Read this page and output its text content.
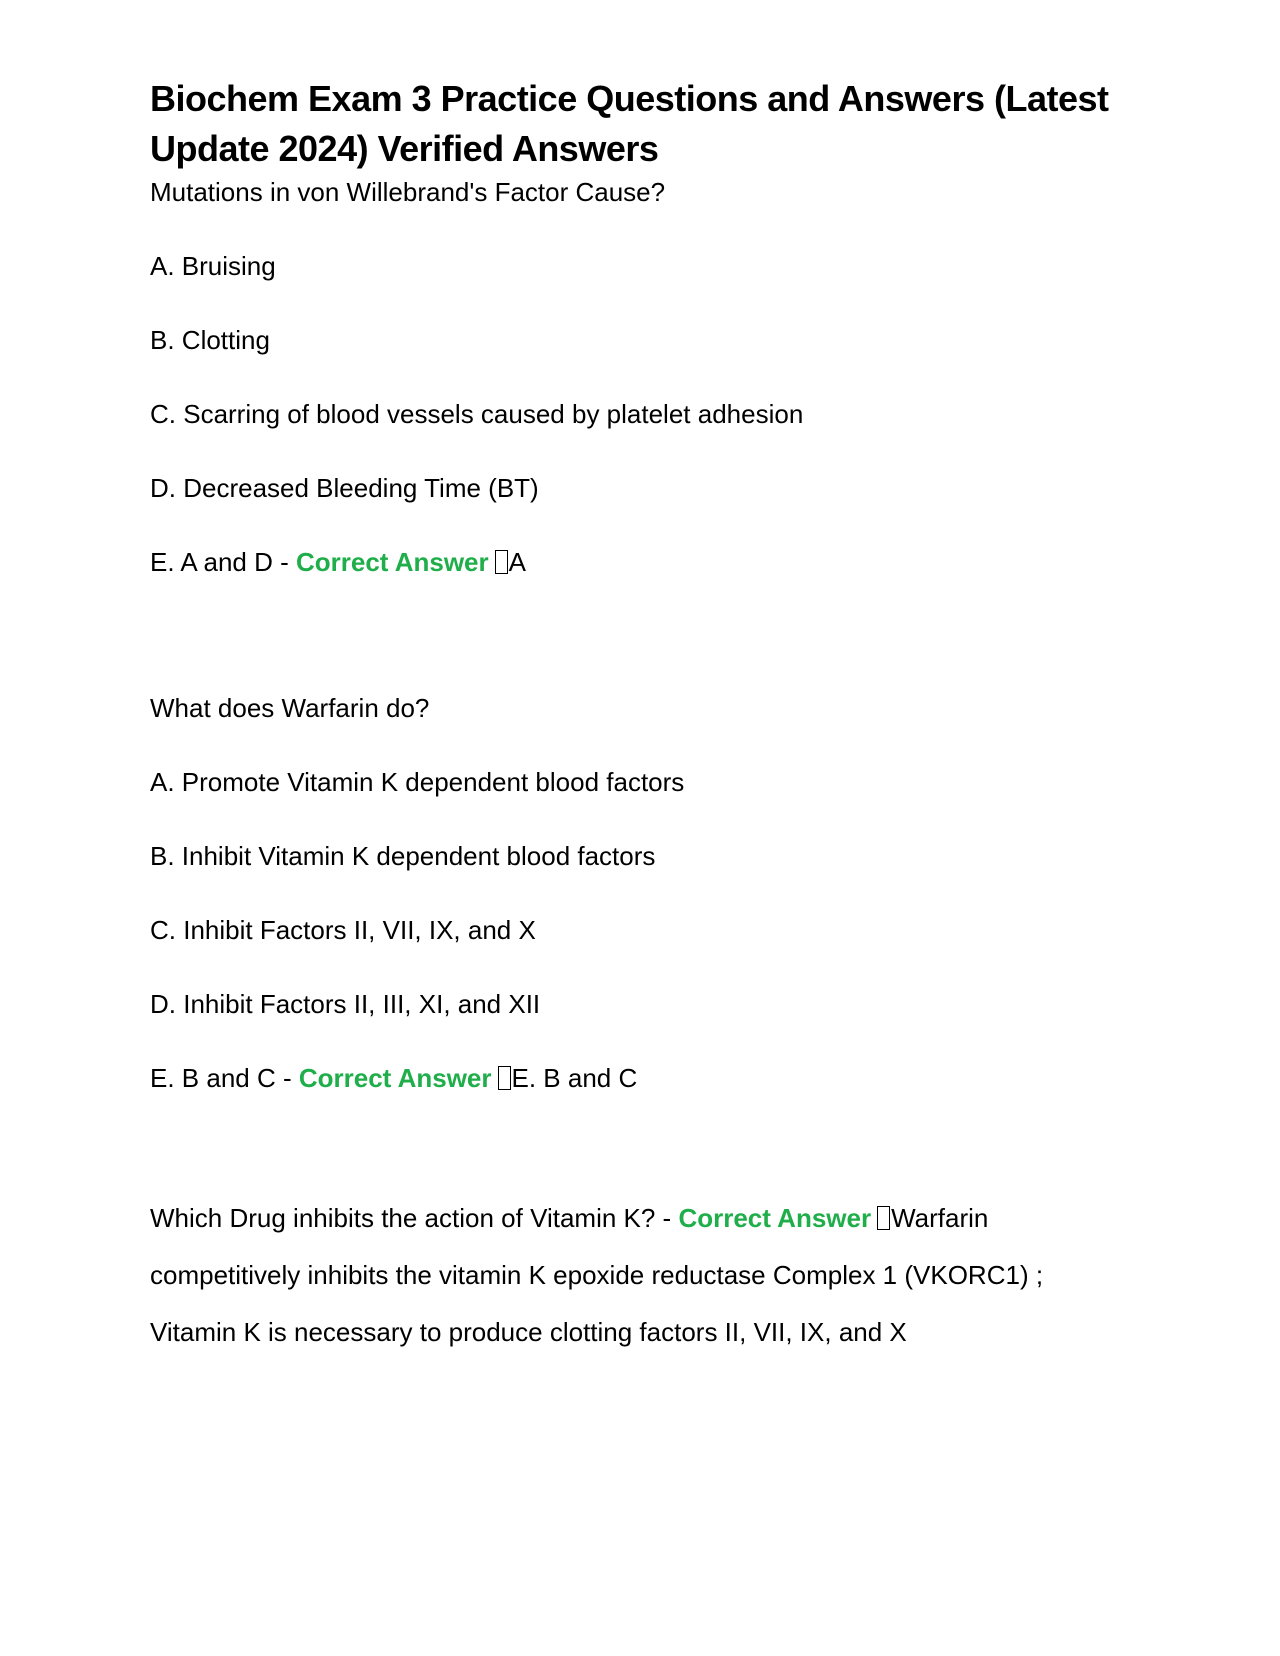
Biochem Exam 3 Practice Questions and Answers (Latest
Update 2024) Verified Answers

Mutations in von Willebrand's Factor Cause?

A. Bruising

B. Clotting

C. Scarring of blood vessels caused by platelet adhesion

D. Decreased Bleeding Time (BT)

E. A and D - Correct Answer A

What does Warfarin do?

A. Promote Vitamin K dependent blood factors

B. Inhibit Vitamin K dependent blood factors

C. Inhibit Factors II, VII, IX, and X

D. Inhibit Factors II, III, XI, and XII

E. B and C - Correct Answer E. B and C

Which Drug inhibits the action of Vitamin K? - Correct Answer Warfarin

competitively inhibits the vitamin K epoxide reductase Complex 1 (VKORC1) ;

Vitamin K is necessary to produce clotting factors II, VII, IX, and X
